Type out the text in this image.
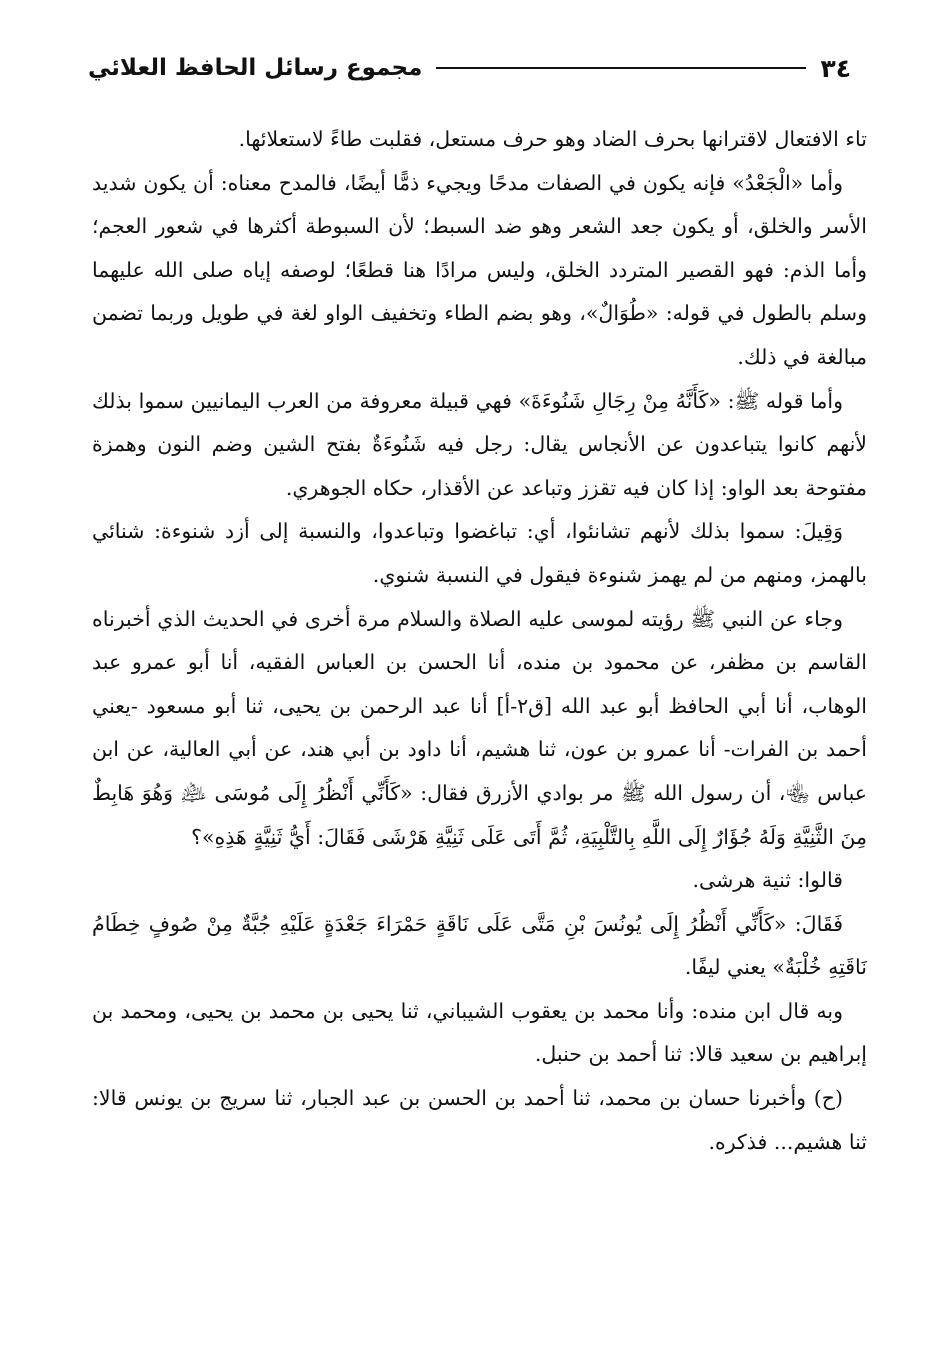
٣٤
مجموع رسائل الحافظ العلائي

تاء الافتعال لاقترانها بحرف الضاد وهو حرف مستعل، فقلبت طاءً لاستعلائها.

وأما «الْجَعْدُ» فإنه يكون في الصفات مدحًا ويجيء ذمًّا أيضًا، فالمدح معناه: أن يكون شديد الأسر والخلق، أو يكون جعد الشعر وهو ضد السبط؛ لأن السبوطة أكثرها في شعور العجم؛ وأما الذم: فهو القصير المتردد الخلق، وليس مرادًا هنا قطعًا؛ لوصفه إياه صلى الله عليهما وسلم بالطول في قوله: «طُوَالٌ»، وهو بضم الطاء وتخفيف الواو لغة في طويل وربما تضمن مبالغة في ذلك.

وأما قوله ﷺ: «كَأَنَّهُ مِنْ رِجَالِ شَنُوءَةَ» فهي قبيلة معروفة من العرب اليمانيين سموا بذلك لأنهم كانوا يتباعدون عن الأنجاس يقال: رجل فيه شَنُوءَةٌ بفتح الشين وضم النون وهمزة مفتوحة بعد الواو: إذا كان فيه تقزز وتباعد عن الأقذار، حكاه الجوهري.

وَقِيلَ: سموا بذلك لأنهم تشانئوا، أي: تباغضوا وتباعدوا، والنسبة إلى أزد شنوءة: شنائي بالهمز، ومنهم من لم يهمز شنوءة فيقول في النسبة شنوي.

وجاء عن النبي ﷺ رؤيته لموسى عليه الصلاة والسلام مرة أخرى في الحديث الذي أخبرناه القاسم بن مظفر، عن محمود بن منده، أنا الحسن بن العباس الفقيه، أنا أبو عمرو عبد الوهاب، أنا أبي الحافظ أبو عبد الله [ق٢-أ] أنا عبد الرحمن بن يحيى، ثنا أبو مسعود -يعني أحمد بن الفرات- أنا عمرو بن عون، ثنا هشيم، أنا داود بن أبي هند، عن أبي العالية، عن ابن عباس ﵄، أن رسول الله ﷺ مر بوادي الأزرق فقال: «كَأَنِّي أَنْظُرُ إِلَى مُوسَى ﵇ وَهُوَ هَابِطٌ مِنَ الثَّنِيَّةِ وَلَهُ جُؤَارٌ إِلَى اللَّهِ بِالتَّلْبِيَةِ، ثُمَّ أَتَى عَلَى ثَنِيَّةِ هَرْشَى فَقَالَ: أَيُّ ثَنِيَّةٍ هَذِهِ»؟

قالوا: ثنية هرشى.

فَقَالَ: «كَأَنِّي أَنْظُرُ إِلَى يُونُسَ بْنِ مَتَّى عَلَى نَاقَةٍ حَمْرَاءَ جَعْدَةٍ عَلَيْهِ جُبَّةٌ مِنْ صُوفٍ خِطَامُ نَاقَتِهِ خُلْبَةٌ» يعني ليفًا.

وبه قال ابن منده: وأنا محمد بن يعقوب الشيباني، ثنا يحيى بن محمد بن يحيى، ومحمد بن إبراهيم بن سعيد قالا: ثنا أحمد بن حنبل.

(ح) وأخبرنا حسان بن محمد، ثنا أحمد بن الحسن بن عبد الجبار، ثنا سريج بن يونس قالا: ثنا هشيم... فذكره.
